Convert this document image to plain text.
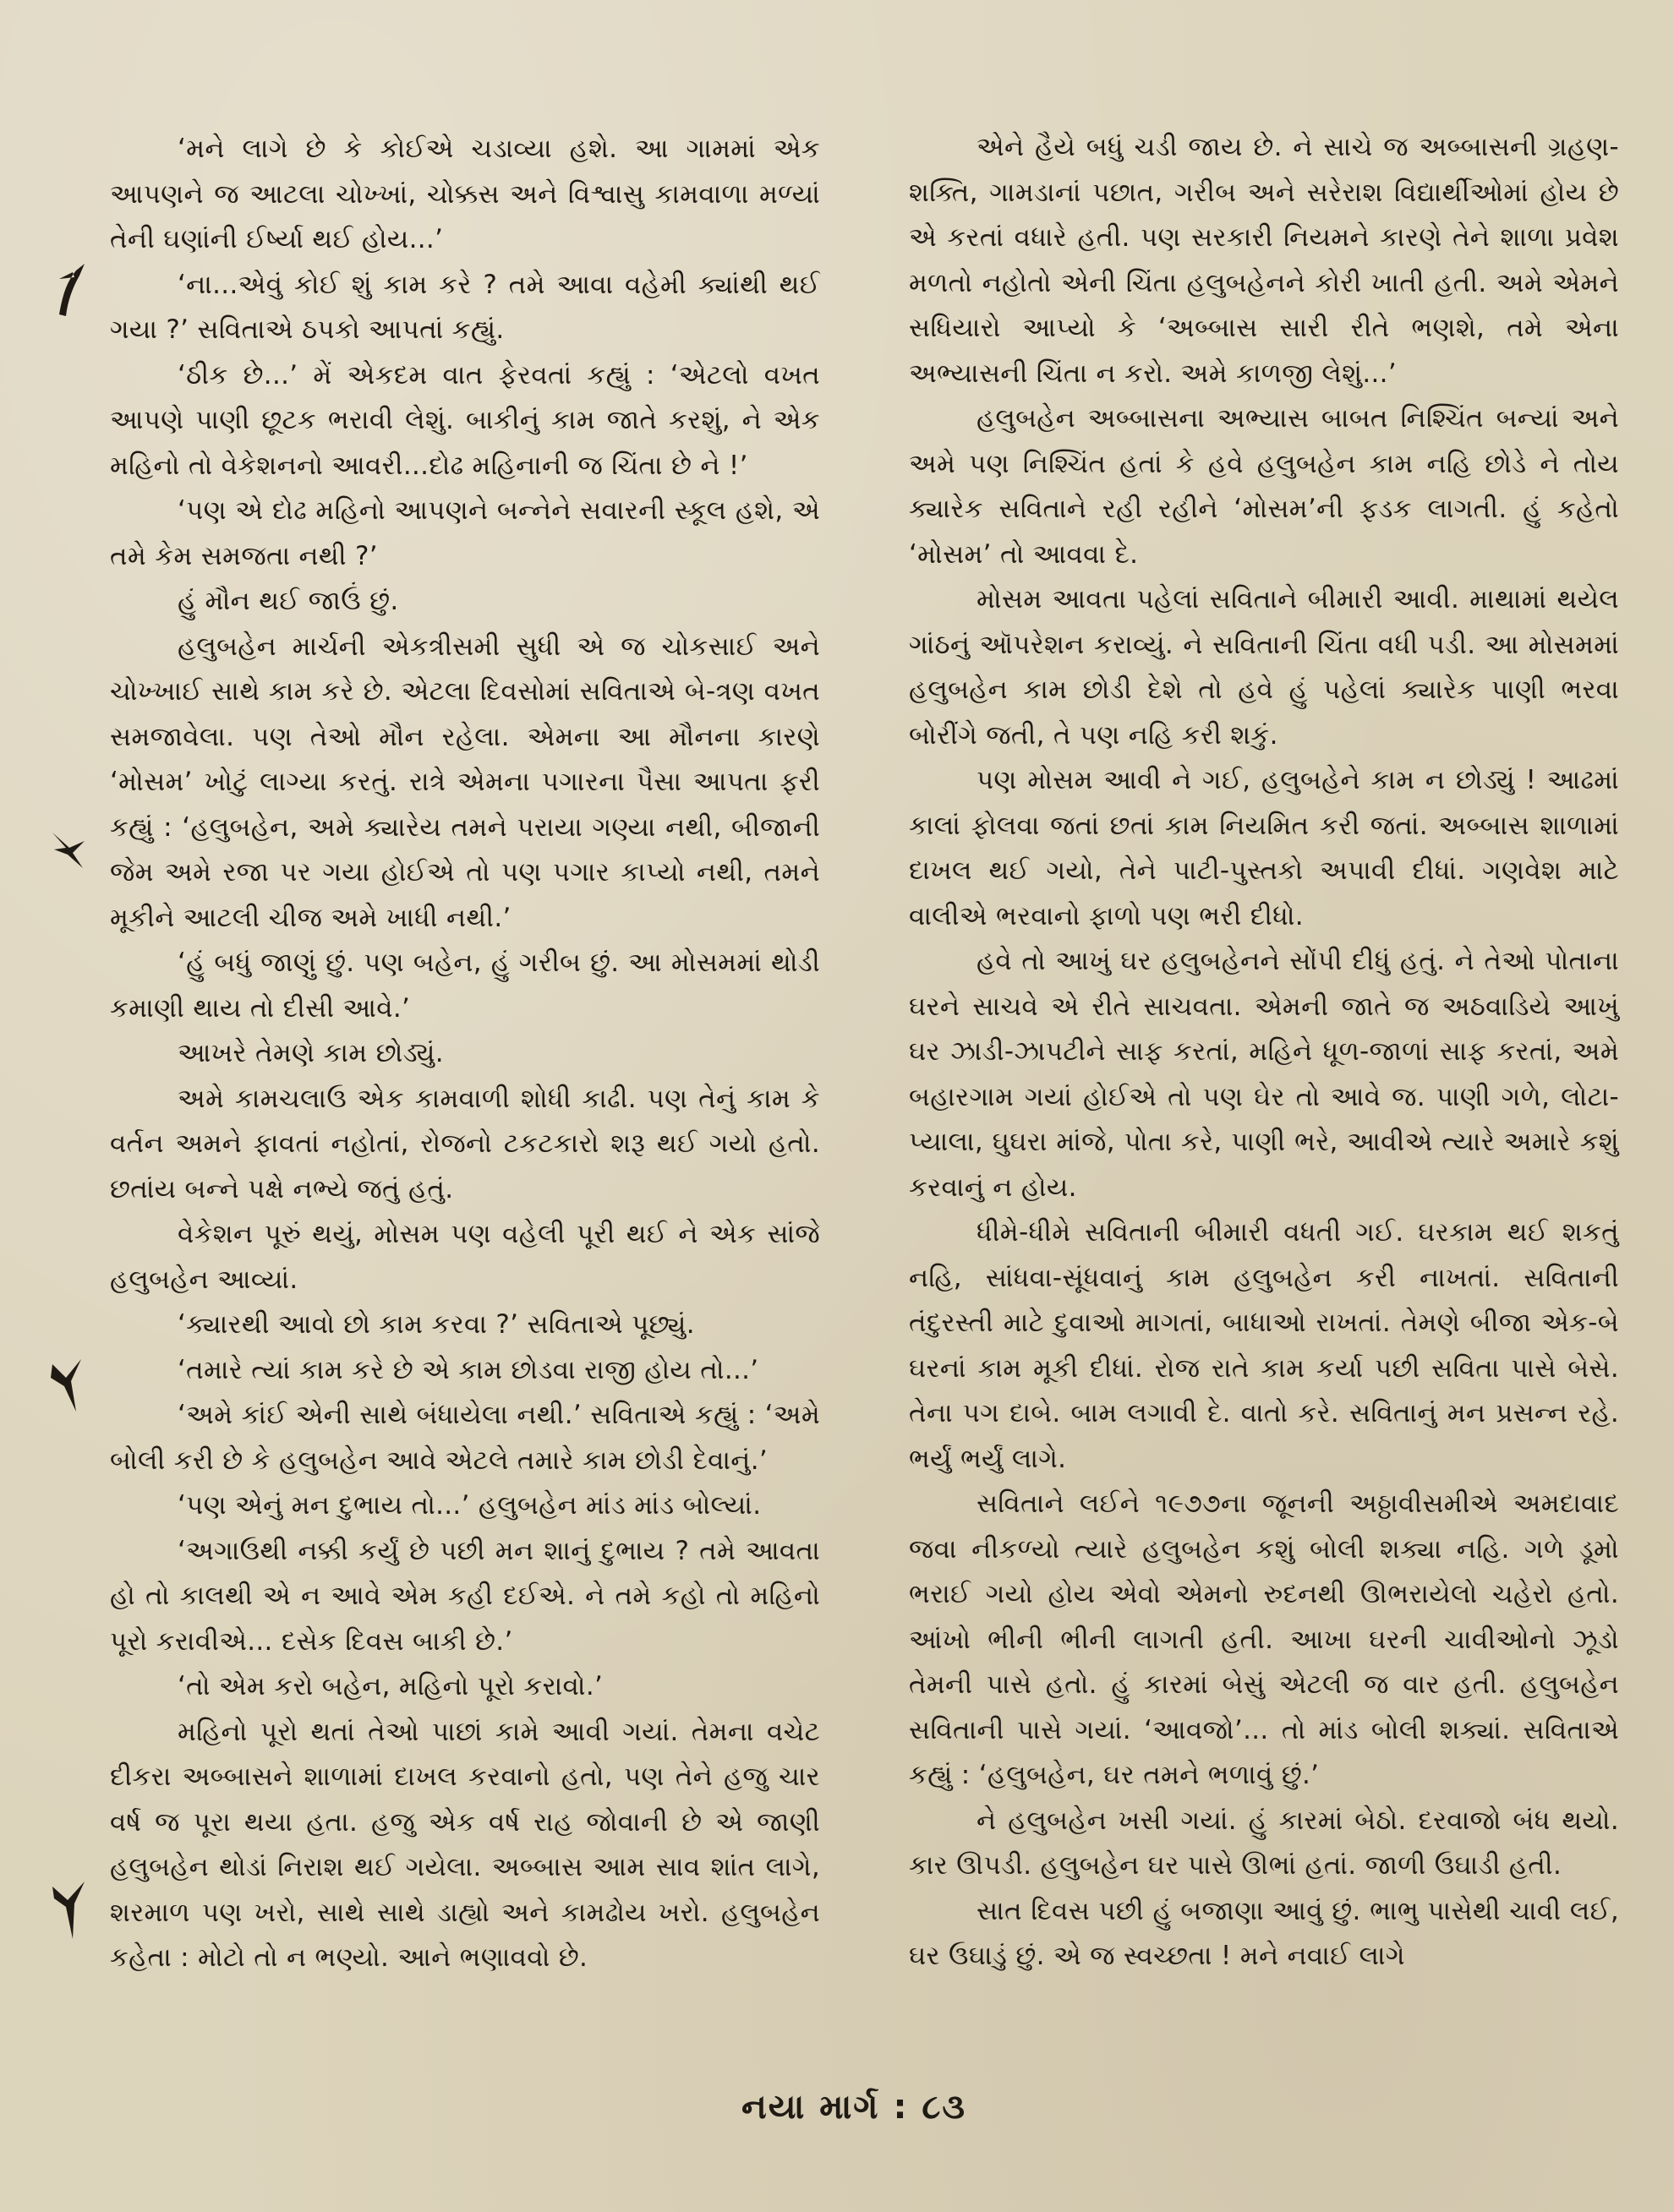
‘મને લાગે છે કે કોઈએ ચડાવ્યા હશે. આ ગામમાં એક આપણને જ આટલા ચોખ્ખાં, ચોક્કસ અને વિશ્વાસુ કામવાળા મળ્યાં તેની ઘણાંની ઈર્ષ્યા થઈ હોય...’

‘ના...એવું કોઈ શું કામ કરે ? તમે આવા વહેમી ક્યાંથી થઈ ગયા ?’ સવિતાએ ઠપકો આપતાં કહ્યું.

‘ઠીક છે...’ મેં એકદમ વાત ફેરવતાં કહ્યું : ‘એટલો વખત આપણે પાણી છૂટક ભરાવી લેશું. બાકીનું કામ જાતે કરશું, ને એક મહિનો તો વેકેશનનો આવરી...દોઢ મહિનાની જ ચિંતા છે ને !’

‘પણ એ દોઢ મહિનો આપણને બન્નેને સવારની સ્કૂલ હશે, એ તમે કેમ સમજતા નથી ?’

હું મૌન થઈ જાઉં છું.

હલુબહેન માર્ચની એકત્રીસમી સુધી એ જ ચોકસાઈ અને ચોખ્ખાઈ સાથે કામ કરે છે. એટલા દિવસોમાં સવિતાએ બે-ત્રણ વખત સમજાવેલા. પણ તેઓ મૌન રહેલા. એમના આ મૌનના કારણે ‘મોસમ’ ખોટું લાગ્યા કરતું. રાત્રે એમના પગારના પૈસા આપતા ફરી કહ્યું : ‘હલુબહેન, અમે ક્યારેય તમને પરાયા ગણ્યા નથી, બીજાની જેમ અમે રજા પર ગયા હોઈએ તો પણ પગાર કાપ્યો નથી, તમને મૂકીને આટલી ચીજ અમે ખાધી નથી.’

‘હું બધું જાણું છું. પણ બહેન, હું ગરીબ છું. આ મોસમમાં થોડી કમાણી થાય તો દીસી આવે.’

આખરે તેમણે કામ છોડ્યું.

અમે કામચલાઉ એક કામવાળી શોધી કાઢી. પણ તેનું કામ કે વર્તન અમને ફાવતાં નહોતાં, રોજનો ટકટકારો શરૂ થઈ ગયો હતો. છતાંય બન્ને પક્ષે નભ્યે જતું હતું.

વેકેશન પૂરું થયું, મોસમ પણ વહેલી પૂરી થઈ ને એક સાંજે હલુબહેન આવ્યાં.

‘ક્યારથી આવો છો કામ કરવા ?’ સવિતાએ પૂછ્યું.

‘તમારે ત્યાં કામ કરે છે એ કામ છોડવા રાજી હોય તો...’

‘અમે કાંઈ એની સાથે બંધાયેલા નથી.’ સવિતાએ કહ્યું : ‘અમે બોલી કરી છે કે હલુબહેન આવે એટલે તમારે કામ છોડી દેવાનું.’

‘પણ એનું મન દુભાય તો...’ હલુબહેન માંડ માંડ બોલ્યાં.

‘અગાઉથી નક્કી કર્યું છે પછી મન શાનું દુભાય ? તમે આવતા હો તો કાલથી એ ન આવે એમ કહી દઈએ. ને તમે કહો તો મહિનો પૂરો કરાવીએ... દસેક દિવસ બાકી છે.’

‘તો એમ કરો બહેન, મહિનો પૂરો કરાવો.’

મહિનો પૂરો થતાં તેઓ પાછાં કામે આવી ગયાં. તેમના વચેટ દીકરા અબ્બાસને શાળામાં દાખલ કરવાનો હતો, પણ તેને હજુ ચાર વર્ષ જ પૂરા થયા હતા. હજુ એક વર્ષ રાહ જોવાની છે એ જાણી હલુબહેન થોડાં નિરાશ થઈ ગયેલા. અબ્બાસ આમ સાવ શાંત લાગે, શરમાળ પણ ખરો, સાથે સાથે ડાહ્યો અને કામઢોય ખરો. હલુબહેન કહેતા : મોટો તો ન ભણ્યો. આને ભણાવવો છે.

એને હૈયે બધું ચડી જાય છે. ને સાચે જ અબ્બાસની ગ્રહણ-શક્તિ, ગામડાનાં પછાત, ગરીબ અને સરેરાશ વિદ્યાર્થીઓમાં હોય છે એ કરતાં વધારે હતી. પણ સરકારી નિયમને કારણે તેને શાળા પ્રવેશ મળતો નહોતો એની ચિંતા હલુબહેનને કોરી ખાતી હતી. અમે એમને સધિયારો આપ્યો કે ‘અબ્બાસ સારી રીતે ભણશે, તમે એના અભ્યાસની ચિંતા ન કરો. અમે કાળજી લેશું...’

હલુબહેન અબ્બાસના અભ્યાસ બાબત નિશ્ચિંત બન્યાં અને અમે પણ નિશ્ચિંત હતાં કે હવે હલુબહેન કામ નહિ છોડે ને તોય ક્યારેક સવિતાને રહી રહીને ‘મોસમ’ની ફડક લાગતી. હું કહેતો ‘મોસમ’ તો આવવા દે.

મોસમ આવતા પહેલાં સવિતાને બીમારી આવી. માથામાં થયેલ ગાંઠનું ઑપરેશન કરાવ્યું. ને સવિતાની ચિંતા વધી પડી. આ મોસમમાં હલુબહેન કામ છોડી દેશે તો હવે હું પહેલાં ક્યારેક પાણી ભરવા બોરીંગે જતી, તે પણ નહિ કરી શકું.

પણ મોસમ આવી ને ગઈ, હલુબહેને કામ ન છોડ્યું ! આઢમાં કાલાં ફોલવા જતાં છતાં કામ નિયમિત કરી જતાં. અબ્બાસ શાળામાં દાખલ થઈ ગયો, તેને પાટી-પુસ્તકો અપાવી દીધાં. ગણવેશ માટે વાલીએ ભરવાનો ફાળો પણ ભરી દીધો.

હવે તો આખું ઘર હલુબહેનને સોંપી દીધું હતું. ને તેઓ પોતાના ઘરને સાચવે એ રીતે સાચવતા. એમની જાતે જ અઠવાડિયે આખું ઘર ઝાડી-ઝાપટીને સાફ કરતાં, મહિને ધૂળ-જાળાં સાફ કરતાં, અમે બહારગામ ગયાં હોઈએ તો પણ ઘેર તો આવે જ. પાણી ગળે, લોટા-પ્યાલા, ઘુઘરા માંજે, પોતા કરે, પાણી ભરે, આવીએ ત્યારે અમારે કશું કરવાનું ન હોય.

ધીમે-ધીમે સવિતાની બીમારી વધતી ગઈ. ઘરકામ થઈ શકતું નહિ, સાંધવા-સૂંધવાનું કામ હલુબહેન કરી નાખતાં. સવિતાની તંદુરસ્તી માટે દુવાઓ માગતાં, બાધાઓ રાખતાં. તેમણે બીજા એક-બે ઘરનાં કામ મૂકી દીધાં. રોજ રાતે કામ કર્યા પછી સવિતા પાસે બેસે. તેના પગ દાબે. બામ લગાવી દે. વાતો કરે. સવિતાનું મન પ્રસન્ન રહે. ભર્યું ભર્યું લાગે.

સવિતાને લઈને ૧૯૭૭ના જૂનની અઠ્ઠાવીસમીએ અમદાવાદ જવા નીકળ્યો ત્યારે હલુબહેન કશું બોલી શક્યા નહિ. ગળે ડૂમો ભરાઈ ગયો હોય એવો એમનો રુદનથી ઊભરાયેલો ચહેરો હતો. આંખો ભીની ભીની લાગતી હતી. આખા ઘરની ચાવીઓનો ઝૂડો તેમની પાસે હતો. હું કારમાં બેસું એટલી જ વાર હતી. હલુબહેન સવિતાની પાસે ગયાં. ‘આવજો’... તો માંડ બોલી શક્યાં. સવિતાએ કહ્યું : ‘હલુબહેન, ઘર તમને ભળાવું છું.’

ને હલુબહેન ખસી ગયાં. હું કારમાં બેઠો. દરવાજો બંધ થયો. કાર ઊપડી. હલુબહેન ઘર પાસે ઊભાં હતાં. જાળી ઉઘાડી હતી.

સાત દિવસ પછી હું બજાણા આવું છું. ભાભુ પાસેથી ચાવી લઈ, ઘર ઉઘાડું છું. એ જ સ્વચ્છતા ! મને નવાઈ લાગે

નયા માર્ગ : ૮૩
